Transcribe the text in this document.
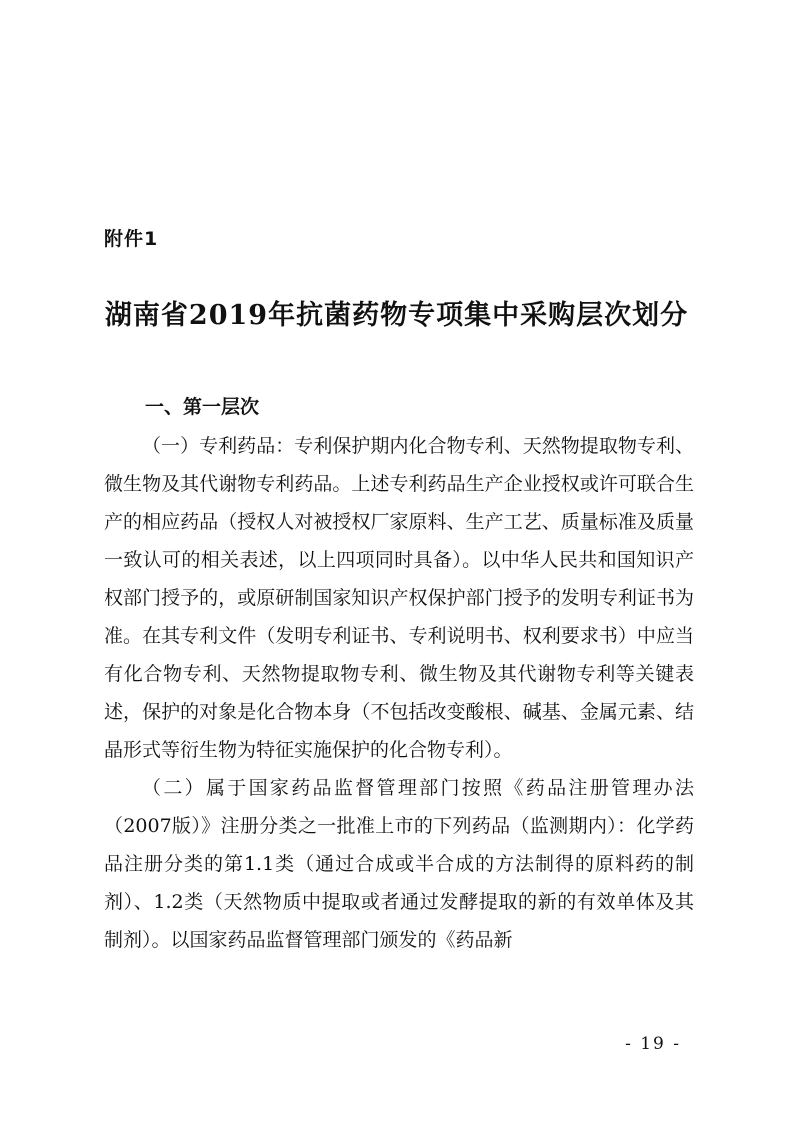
附件1
湖南省2019年抗菌药物专项集中采购层次划分
一、第一层次

（一）专利药品：专利保护期内化合物专利、天然物提取物专利、微生物及其代谢物专利药品。上述专利药品生产企业授权或许可联合生产的相应药品（授权人对被授权厂家原料、生产工艺、质量标准及质量一致认可的相关表述，以上四项同时具备）。以中华人民共和国知识产权部门授予的，或原研制国家知识产权保护部门授予的发明专利证书为准。在其专利文件（发明专利证书、专利说明书、权利要求书）中应当有化合物专利、天然物提取物专利、微生物及其代谢物专利等关键表述，保护的对象是化合物本身（不包括改变酸根、碱基、金属元素、结晶形式等衍生物为特征实施保护的化合物专利）。

（二）属于国家药品监督管理部门按照《药品注册管理办法（2007版）》注册分类之一批准上市的下列药品（监测期内）：化学药品注册分类的第1.1类（通过合成或半合成的方法制得的原料药的制剂）、1.2类（天然物质中提取或者通过发酵提取的新的有效单体及其制剂）。以国家药品监督管理部门颁发的《药品新

- 19 -
